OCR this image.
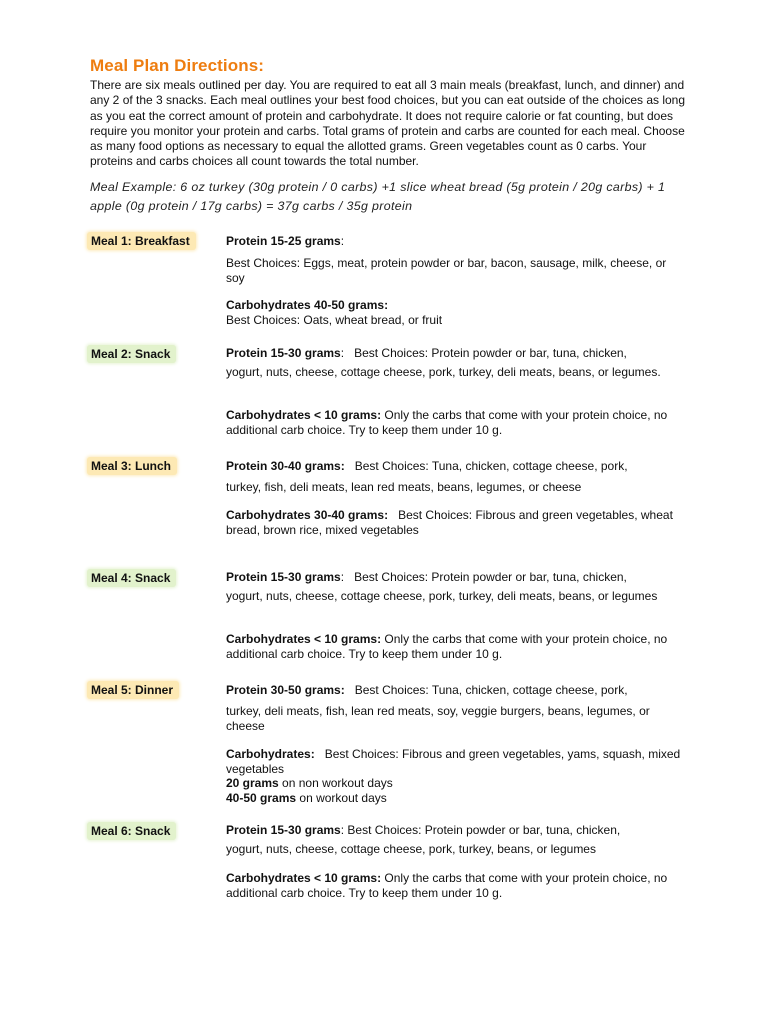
Meal Plan Directions:

There are six meals outlined per day. You are required to eat all 3 main meals (breakfast, lunch, and dinner) and any 2 of the 3 snacks. Each meal outlines your best food choices, but you can eat outside of the choices as long as you eat the correct amount of protein and carbohydrate. It does not require calorie or fat counting, but does require you monitor your protein and carbs. Total grams of protein and carbs are counted for each meal. Choose as many food options as necessary to equal the allotted grams. Green vegetables count as 0 carbs. Your proteins and carbs choices all count towards the total number.

Meal Example: 6 oz turkey (30g protein / 0 carbs) +1 slice wheat bread (5g protein / 20g carbs) + 1 apple (0g protein / 17g carbs) = 37g carbs / 35g protein

Meal 1: Breakfast	Protein 15-25 grams:

Best Choices: Eggs, meat, protein powder or bar, bacon, sausage, milk, cheese, or soy

Carbohydrates 40-50 grams:

Best Choices: Oats, wheat bread, or fruit

Meal 2: Snack	Protein 15-30 grams: Best Choices: Protein powder or bar, tuna, chicken,

yogurt, nuts, cheese, cottage cheese, pork, turkey, deli meats, beans, or legumes.

Carbohydrates < 10 grams: Only the carbs that come with your protein choice, no additional carb choice. Try to keep them under 10 g.

Meal 3: Lunch	Protein 30-40 grams: Best Choices: Tuna, chicken, cottage cheese, pork,

turkey, fish, deli meats, lean red meats, beans, legumes, or cheese

Carbohydrates 30-40 grams: Best Choices: Fibrous and green vegetables, wheat bread, brown rice, mixed vegetables

Meal 4: Snack	Protein 15-30 grams: Best Choices: Protein powder or bar, tuna, chicken,

yogurt, nuts, cheese, cottage cheese, pork, turkey, deli meats, beans, or legumes

Carbohydrates < 10 grams: Only the carbs that come with your protein choice, no additional carb choice. Try to keep them under 10 g.

Meal 5: Dinner	Protein 30-50 grams: Best Choices: Tuna, chicken, cottage cheese, pork,

turkey, deli meats, fish, lean red meats, soy, veggie burgers, beans, legumes, or cheese

Carbohydrates: Best Choices: Fibrous and green vegetables, yams, squash, mixed vegetables

20 grams on non workout days

40-50 grams on workout days

Meal 6: Snack	Protein 15-30 grams: Best Choices: Protein powder or bar, tuna, chicken,

yogurt, nuts, cheese, cottage cheese, pork, turkey, beans, or legumes

Carbohydrates < 10 grams: Only the carbs that come with your protein choice, no additional carb choice. Try to keep them under 10 g.
